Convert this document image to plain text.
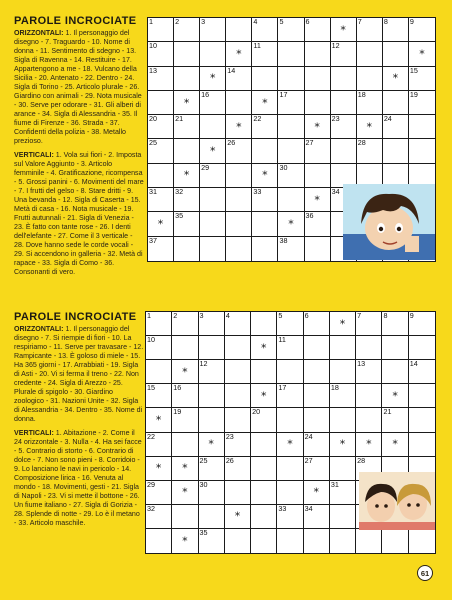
PAROLE INCROCIATE

ORIZZONTALI: 1. Il personaggio del disegno - 7. Traguardo - 10. Nome di donna - 11. Sentimento di sdegno - 13. Sigla di Ravenna - 14. Restituire - 17. Appartengono a me - 18. Vulcano della Sicilia - 20. Antenato - 22. Dentro - 24. Sigla di Torino - 25. Articolo plurale - 26. Giardino con animali - 29. Nota musicale - 30. Serve per odorare - 31. Gli alberi di arance - 34. Sigla di Alessandria - 35. Il fiume di Firenze - 36. Strada - 37. Confidenti della polizia - 38. Metallo prezioso.

VERTICALI: 1. Vola sui fiori - 2. Imposta sul Valore Aggiunto - 3. Articolo femminile - 4. Gratificazione, ricompensa - 5. Grossi panini - 6. Movimenti del mare - 7. I frutti del gelso - 8. Stare dritti - 9. Una bevanda - 12. Sigla di Caserta - 15. Metà di casa - 16. Nota musicale - 19. Frutti autunnali - 21. Sigla di Venezia - 23. È fatto con tante rose - 26. I denti dell'elefante - 27. Come il 3 verticale - 28. Dove hanno sede le corde vocali - 29. Si accendono in galleria - 32. Metà di rapace - 33. Sigla di Como - 36. Consonanti di vero.

1	2	3	4	5	6
*
7	8	9
10
*
11	12
*
13
*
14
*
15
*
16
*
17	18	19
20	21
*
22
*
23
*
24
25
*
26	27	28
*
29
*
30
31	32	33
*
34
*
35
*
36
37	38
PAROLE INCROCIATE

ORIZZONTALI: 1. Il personaggio del disegno - 7. Si riempie di fiori - 10. La respiriamo - 11. Serve per travasare - 12. Rampicante - 13. È goloso di miele - 15. Ha 365 giorni - 17. Arrabbiati - 19. Sigla di Asti - 20. Vi si ferma il treno - 22. Non credente - 24. Sigla di Arezzo - 25. Plurale di spigolo - 30. Giardino zoologico - 31. Nazioni Unite - 32. Sigla di Alessandria - 34. Dentro - 35. Nome di donna.

VERTICALI: 1. Abitazione - 2. Come il 24 orizzontale - 3. Nulla - 4. Ha sei facce - 5. Contrario di storto - 6. Contrario di dolce - 7. Non sono pieni - 8. Corridoio - 9. Lo lanciano le navi in pericolo - 14. Composizione lirica - 16. Venuta al mondo - 18. Movimenti, gesti - 21. Sigla di Napoli - 23. Vi si mette il bottone - 26. Un fiume italiano - 27. Sigla di Gorizia - 28. Splende di notte - 29. Lo è il metano - 33. Articolo maschile.

1	2	3	4	5	6
*
7	8	9
10
*
11
*
12	13	14
15	16
*
17	18
*
*
19	20	21
22
*
23
*
24
*	*	*
*	*
25	26	27	28
29
*
30
*
31
32
*
33	34
*
35
61
